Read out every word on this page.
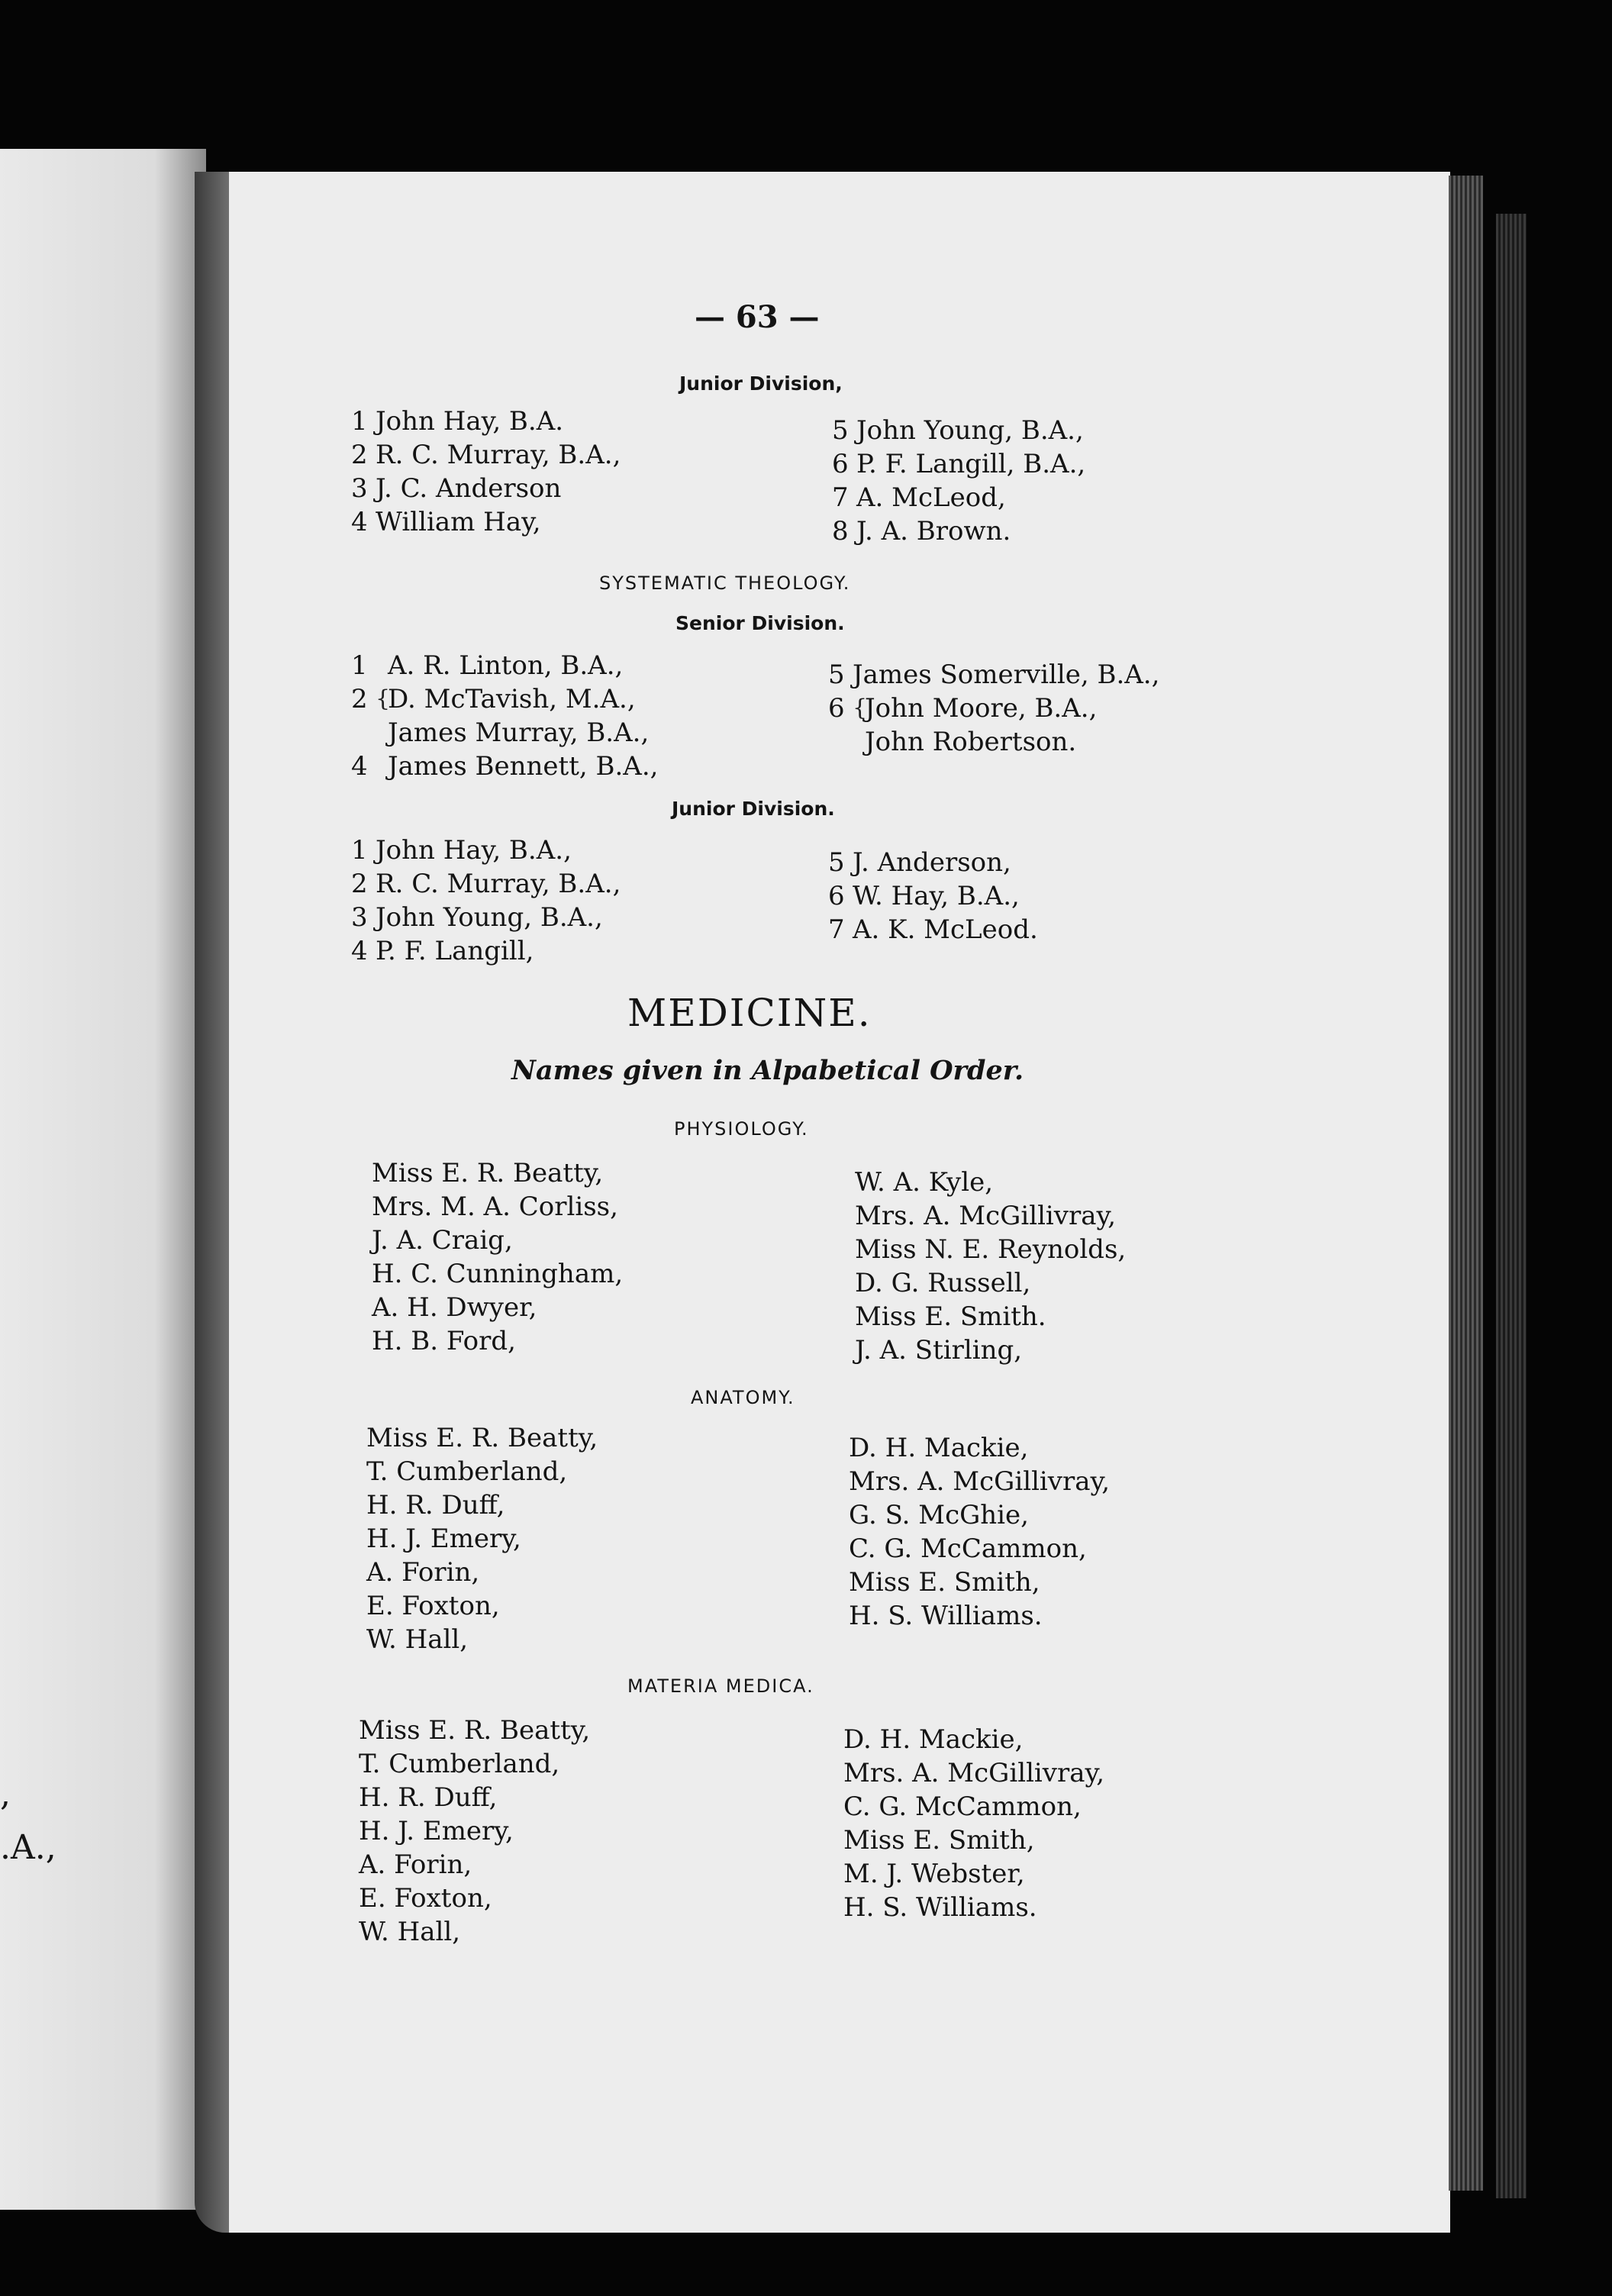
,
.A.,
— 63 —
Junior Division,
1 John Hay, B.A.
2 R. C. Murray, B.A.,
3 J. C. Anderson
4 William Hay,
5 John Young, B.A.,
6 P. F. Langill, B.A.,
7 A. McLeod,
8 J. A. Brown.
SYSTEMATIC THEOLOGY.
Senior Division.
1 A. R. Linton, B.A.,
2 {
D. McTavish, M.A.,
James Murray, B.A.,
4 James Bennett, B.A.,
5 James Somerville, B.A.,
6 {
John Moore, B.A.,
John Robertson.
Junior Division.
1 John Hay, B.A.,
2 R. C. Murray, B.A.,
3 John Young, B.A.,
4 P. F. Langill,
5 J. Anderson,
6 W. Hay, B.A.,
7 A. K. McLeod.
MEDICINE.
Names given in Alpabetical Order.
PHYSIOLOGY.
Miss E. R. Beatty,
Mrs. M. A. Corliss,
J. A. Craig,
H. C. Cunningham,
A. H. Dwyer,
H. B. Ford,
W. A. Kyle,
Mrs. A. McGillivray,
Miss N. E. Reynolds,
D. G. Russell,
Miss E. Smith.
J. A. Stirling,
ANATOMY.
Miss E. R. Beatty,
T. Cumberland,
H. R. Duff,
H. J. Emery,
A. Forin,
E. Foxton,
W. Hall,
D. H. Mackie,
Mrs. A. McGillivray,
G. S. McGhie,
C. G. McCammon,
Miss E. Smith,
H. S. Williams.
MATERIA MEDICA.
Miss E. R. Beatty,
T. Cumberland,
H. R. Duff,
H. J. Emery,
A. Forin,
E. Foxton,
W. Hall,
D. H. Mackie,
Mrs. A. McGillivray,
C. G. McCammon,
Miss E. Smith,
M. J. Webster,
H. S. Williams.
